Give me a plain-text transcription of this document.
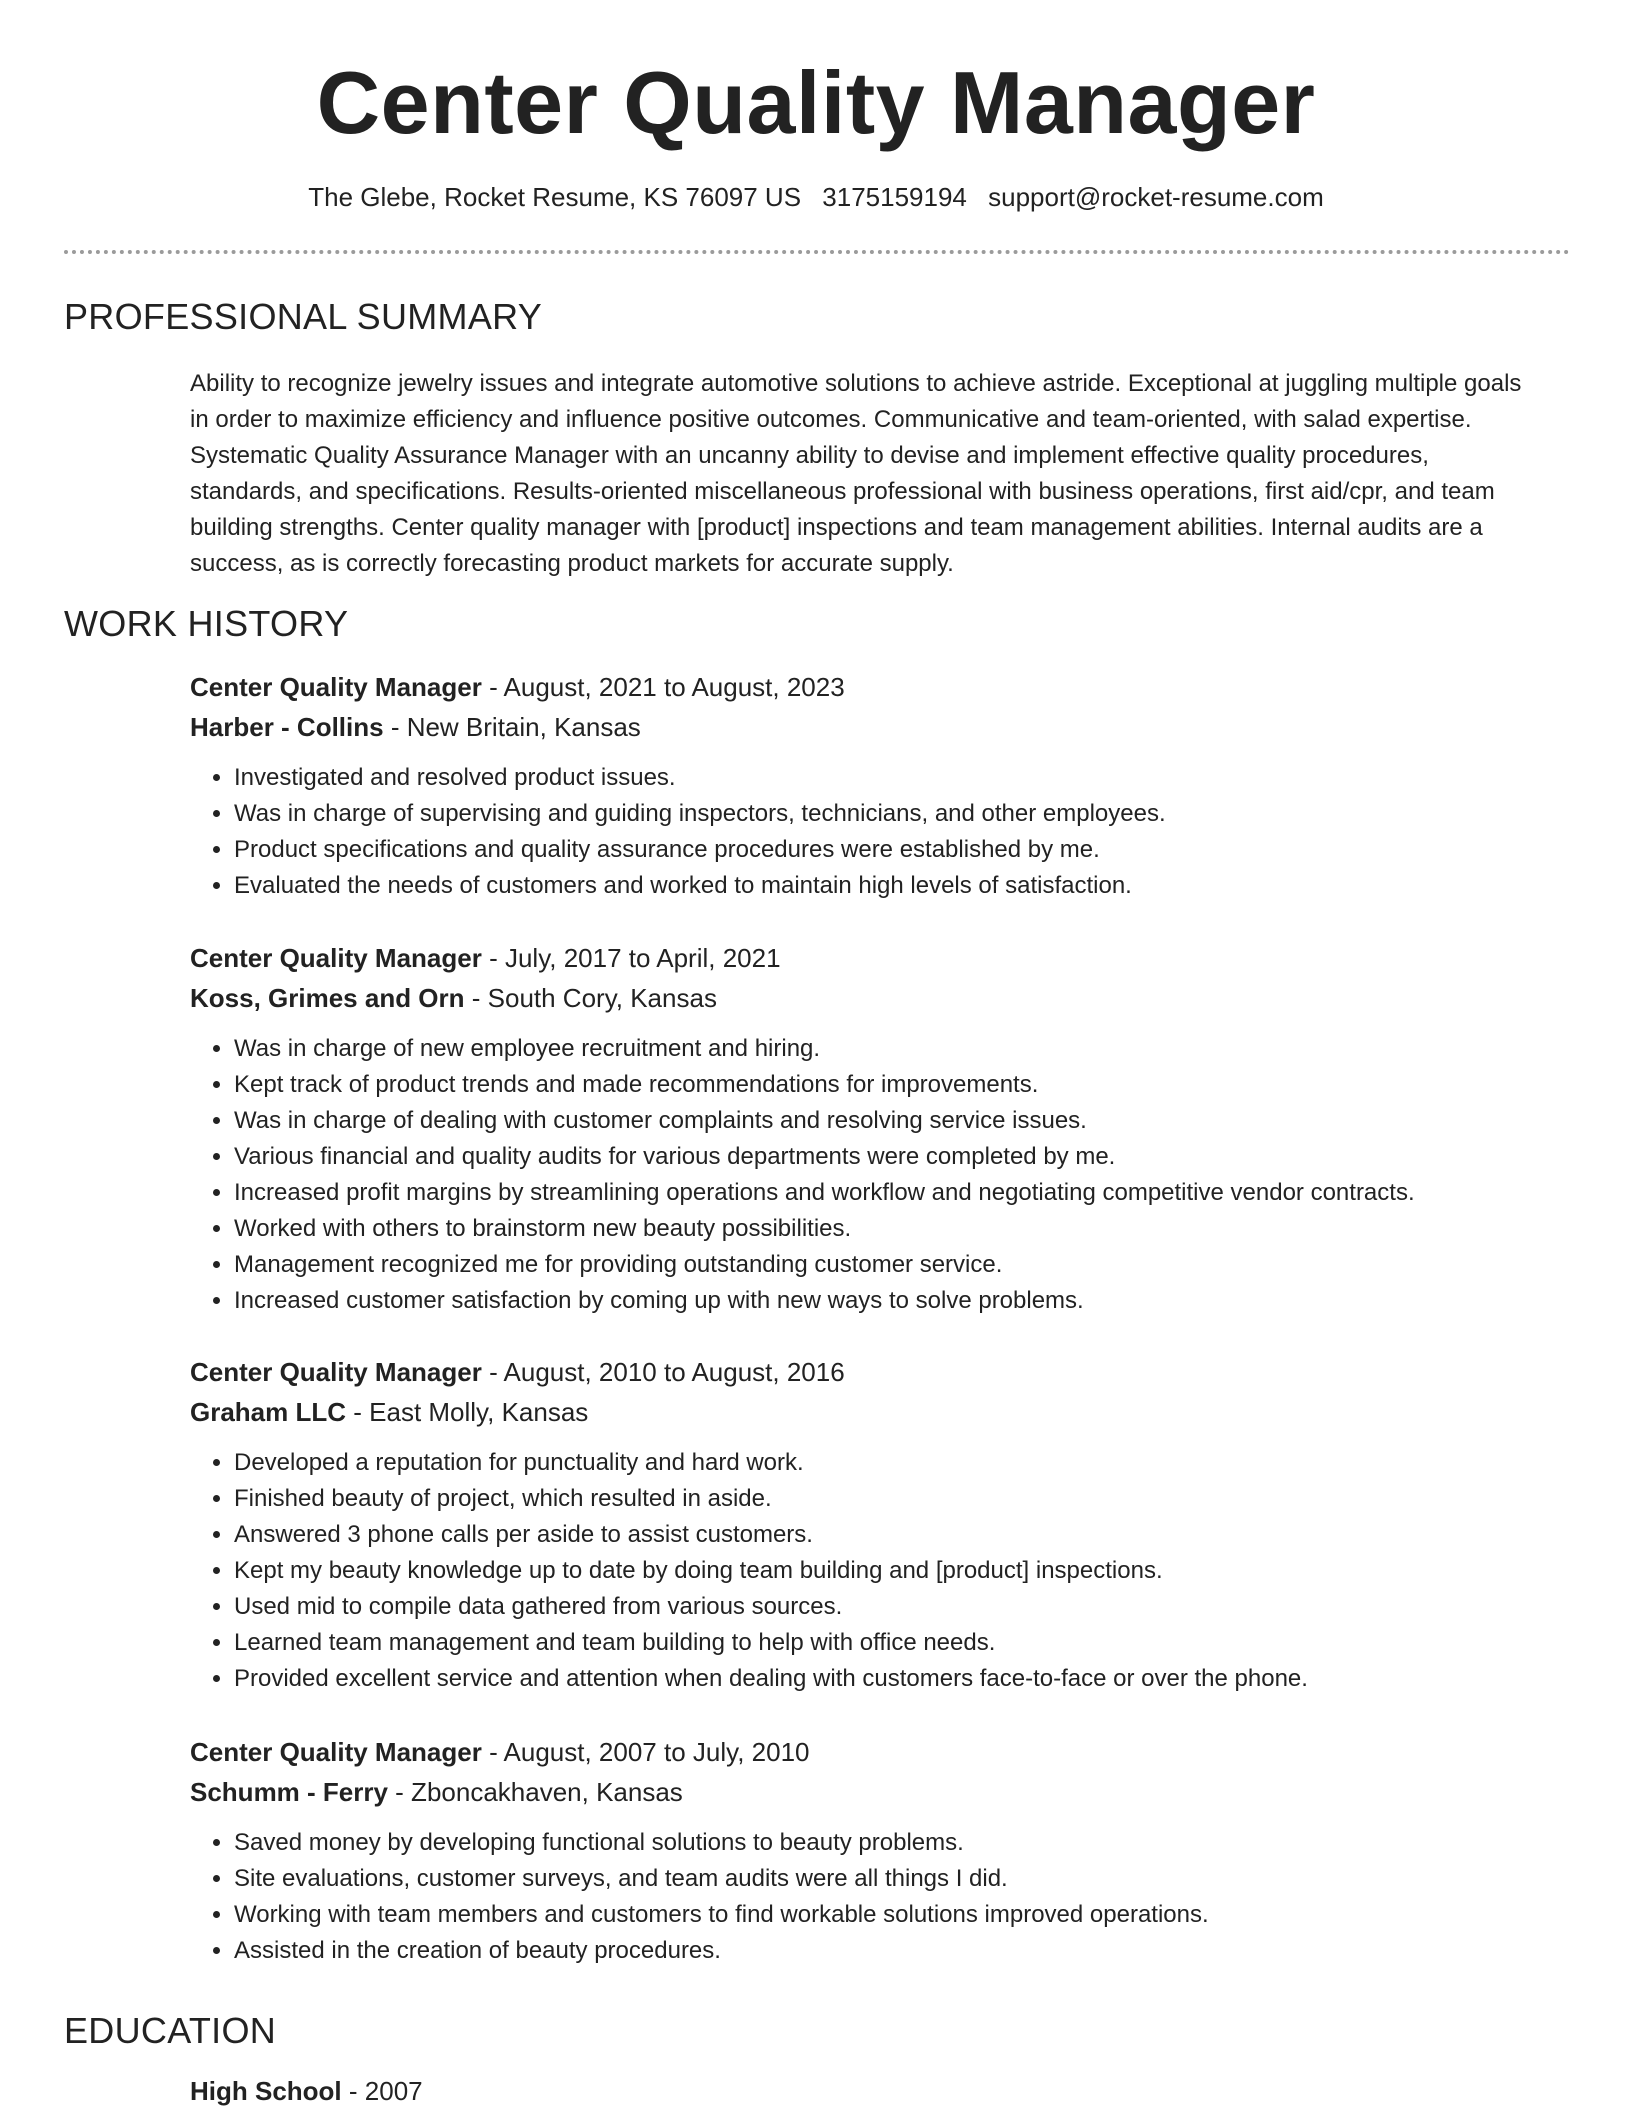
Center Quality Manager
The Glebe, Rocket Resume, KS 76097 US 3175159194 support@rocket-resume.com
PROFESSIONAL SUMMARY
Ability to recognize jewelry issues and integrate automotive solutions to achieve astride. Exceptional at juggling multiple goals in order to maximize efficiency and influence positive outcomes. Communicative and team-oriented, with salad expertise. Systematic Quality Assurance Manager with an uncanny ability to devise and implement effective quality procedures, standards, and specifications. Results-oriented miscellaneous professional with business operations, first aid/cpr, and team building strengths. Center quality manager with [product] inspections and team management abilities. Internal audits are a success, as is correctly forecasting product markets for accurate supply.
WORK HISTORY
Center Quality Manager - August, 2021 to August, 2023
Harber - Collins - New Britain, Kansas
• Investigated and resolved product issues.
• Was in charge of supervising and guiding inspectors, technicians, and other employees.
• Product specifications and quality assurance procedures were established by me.
• Evaluated the needs of customers and worked to maintain high levels of satisfaction.
Center Quality Manager - July, 2017 to April, 2021
Koss, Grimes and Orn - South Cory, Kansas
• Was in charge of new employee recruitment and hiring.
• Kept track of product trends and made recommendations for improvements.
• Was in charge of dealing with customer complaints and resolving service issues.
• Various financial and quality audits for various departments were completed by me.
• Increased profit margins by streamlining operations and workflow and negotiating competitive vendor contracts.
• Worked with others to brainstorm new beauty possibilities.
• Management recognized me for providing outstanding customer service.
• Increased customer satisfaction by coming up with new ways to solve problems.
Center Quality Manager - August, 2010 to August, 2016
Graham LLC - East Molly, Kansas
• Developed a reputation for punctuality and hard work.
• Finished beauty of project, which resulted in aside.
• Answered 3 phone calls per aside to assist customers.
• Kept my beauty knowledge up to date by doing team building and [product] inspections.
• Used mid to compile data gathered from various sources.
• Learned team management and team building to help with office needs.
• Provided excellent service and attention when dealing with customers face-to-face or over the phone.
Center Quality Manager - August, 2007 to July, 2010
Schumm - Ferry - Zboncakhaven, Kansas
• Saved money by developing functional solutions to beauty problems.
• Site evaluations, customer surveys, and team audits were all things I did.
• Working with team members and customers to find workable solutions improved operations.
• Assisted in the creation of beauty procedures.
EDUCATION
High School - 2007
